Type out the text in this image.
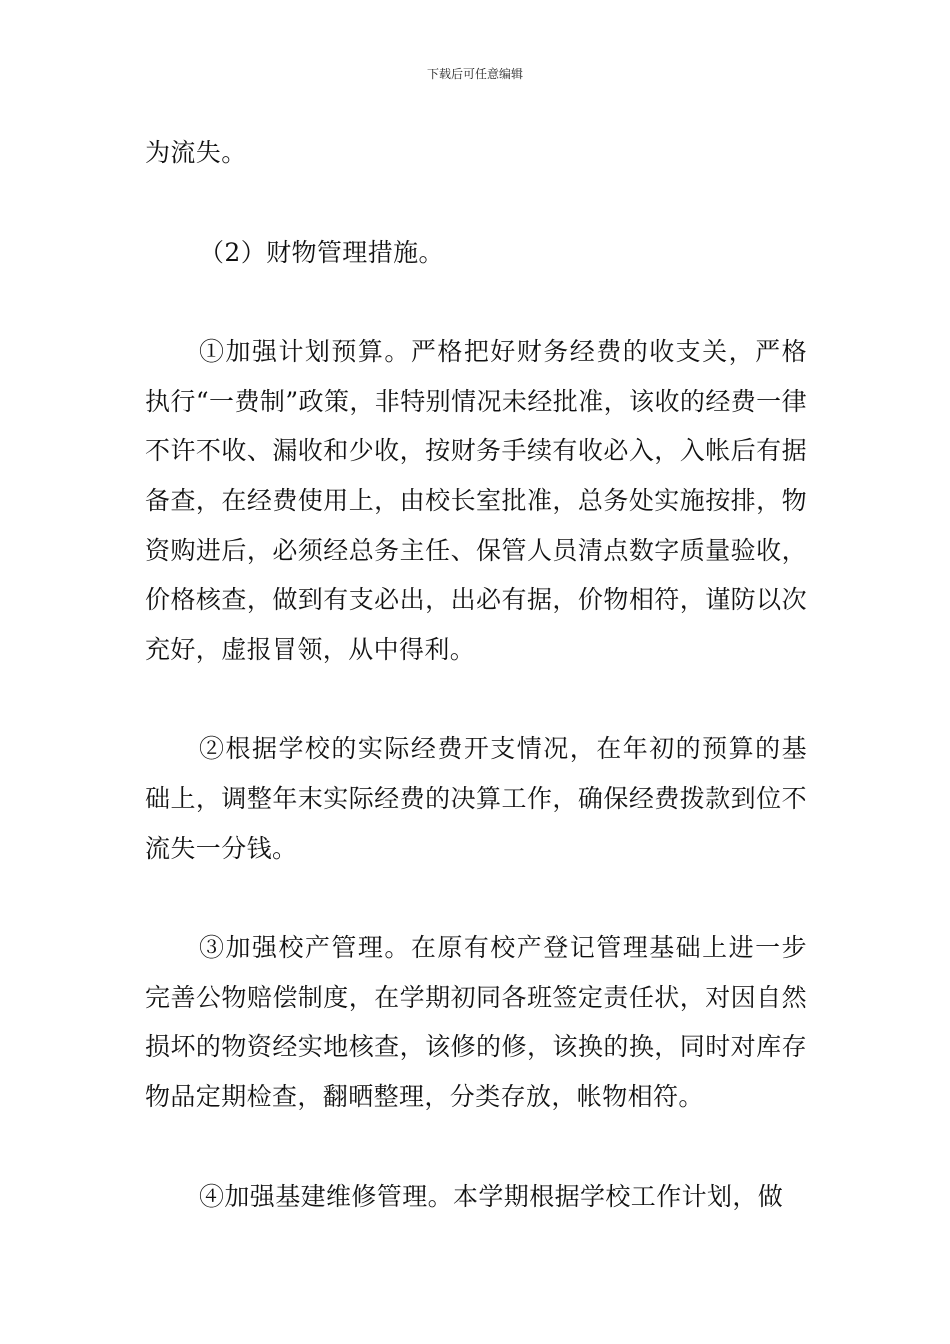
下载后可任意编辑

为流失。

（2）财物管理措施。

①加强计划预算。严格把好财务经费的收支关，严格执行“一费制”政策，非特别情况未经批准，该收的经费一律不许不收、漏收和少收，按财务手续有收必入，入帐后有据备查，在经费使用上，由校长室批准，总务处实施按排，物资购进后，必须经总务主任、保管人员清点数字质量验收，价格核查，做到有支必出，出必有据，价物相符，谨防以次充好，虚报冒领，从中得利。

②根据学校的实际经费开支情况，在年初的预算的基础上，调整年末实际经费的决算工作，确保经费拨款到位不流失一分钱。

③加强校产管理。在原有校产登记管理基础上进一步完善公物赔偿制度，在学期初同各班签定责任状，对因自然损坏的物资经实地核查，该修的修，该换的换，同时对库存物品定期检查，翻晒整理，分类存放，帐物相符。

④加强基建维修管理。本学期根据学校工作计划，做
